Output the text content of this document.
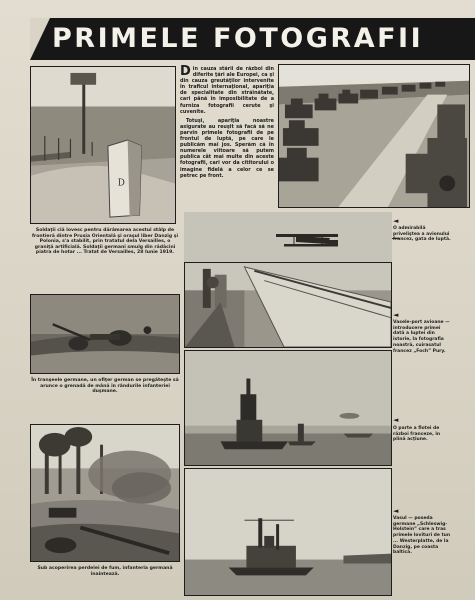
PRIMELE FOTOGRAFII
D

Din cauza stării de război din diferite ţări ale Europei, ca şi din cauza greutăţilor intervenite în traficul internaţional, apariţia de specialitate din străinătate, cari până în imposibilitate de a furniza fotografii cerute şi cuvenite.

Totuşi, apariţia noastre asigurate au reuşit să facă să ne parvin primele fotografii de pe frontul de luptă, pe care le publicăm mai jos. Sperăm că în numerele viitoare să putem publica cât mai multe din aceste fotografii, cari vor da cititorului o imagine fidelă a celor ce se petrec pe front.

În tranşeele germane, un ofiţer german se pregăteşte să arunce o grenadă de mână în rândurile infanteriei duşmane.
Sub acoperirea perdelei de fum, infanteria germană înaintează.
Soldaţii ciă lovesc pentru dărâmarea acestui stâlp de frontieră dintre Prusia Orientală şi oraşul liber Danzig şi Polonia, s'a stabilit, prin tratatul dela Versailles, o graniţă artificială. Soldaţii germani smulg din rădăcini piatra de hotar ... Tratat de Versailles, 28 Iunie 1919.
◄
O admirabilă priveliştea a avionului francez, gata de luptă.
◄
Vasele-port avioane — introducere primei dată a luptei din istorie, la fotografia noastră, cuirasatul francez „Foch” Pury.
◄
O parte a flotei de război franceze, în plină acţiune.
◄
Vasul — poseda germane „Schleswig-Holstein” care a tras primele lovituri de tun ... Westerplatte, de la Danzig, pe coasta baltică.
